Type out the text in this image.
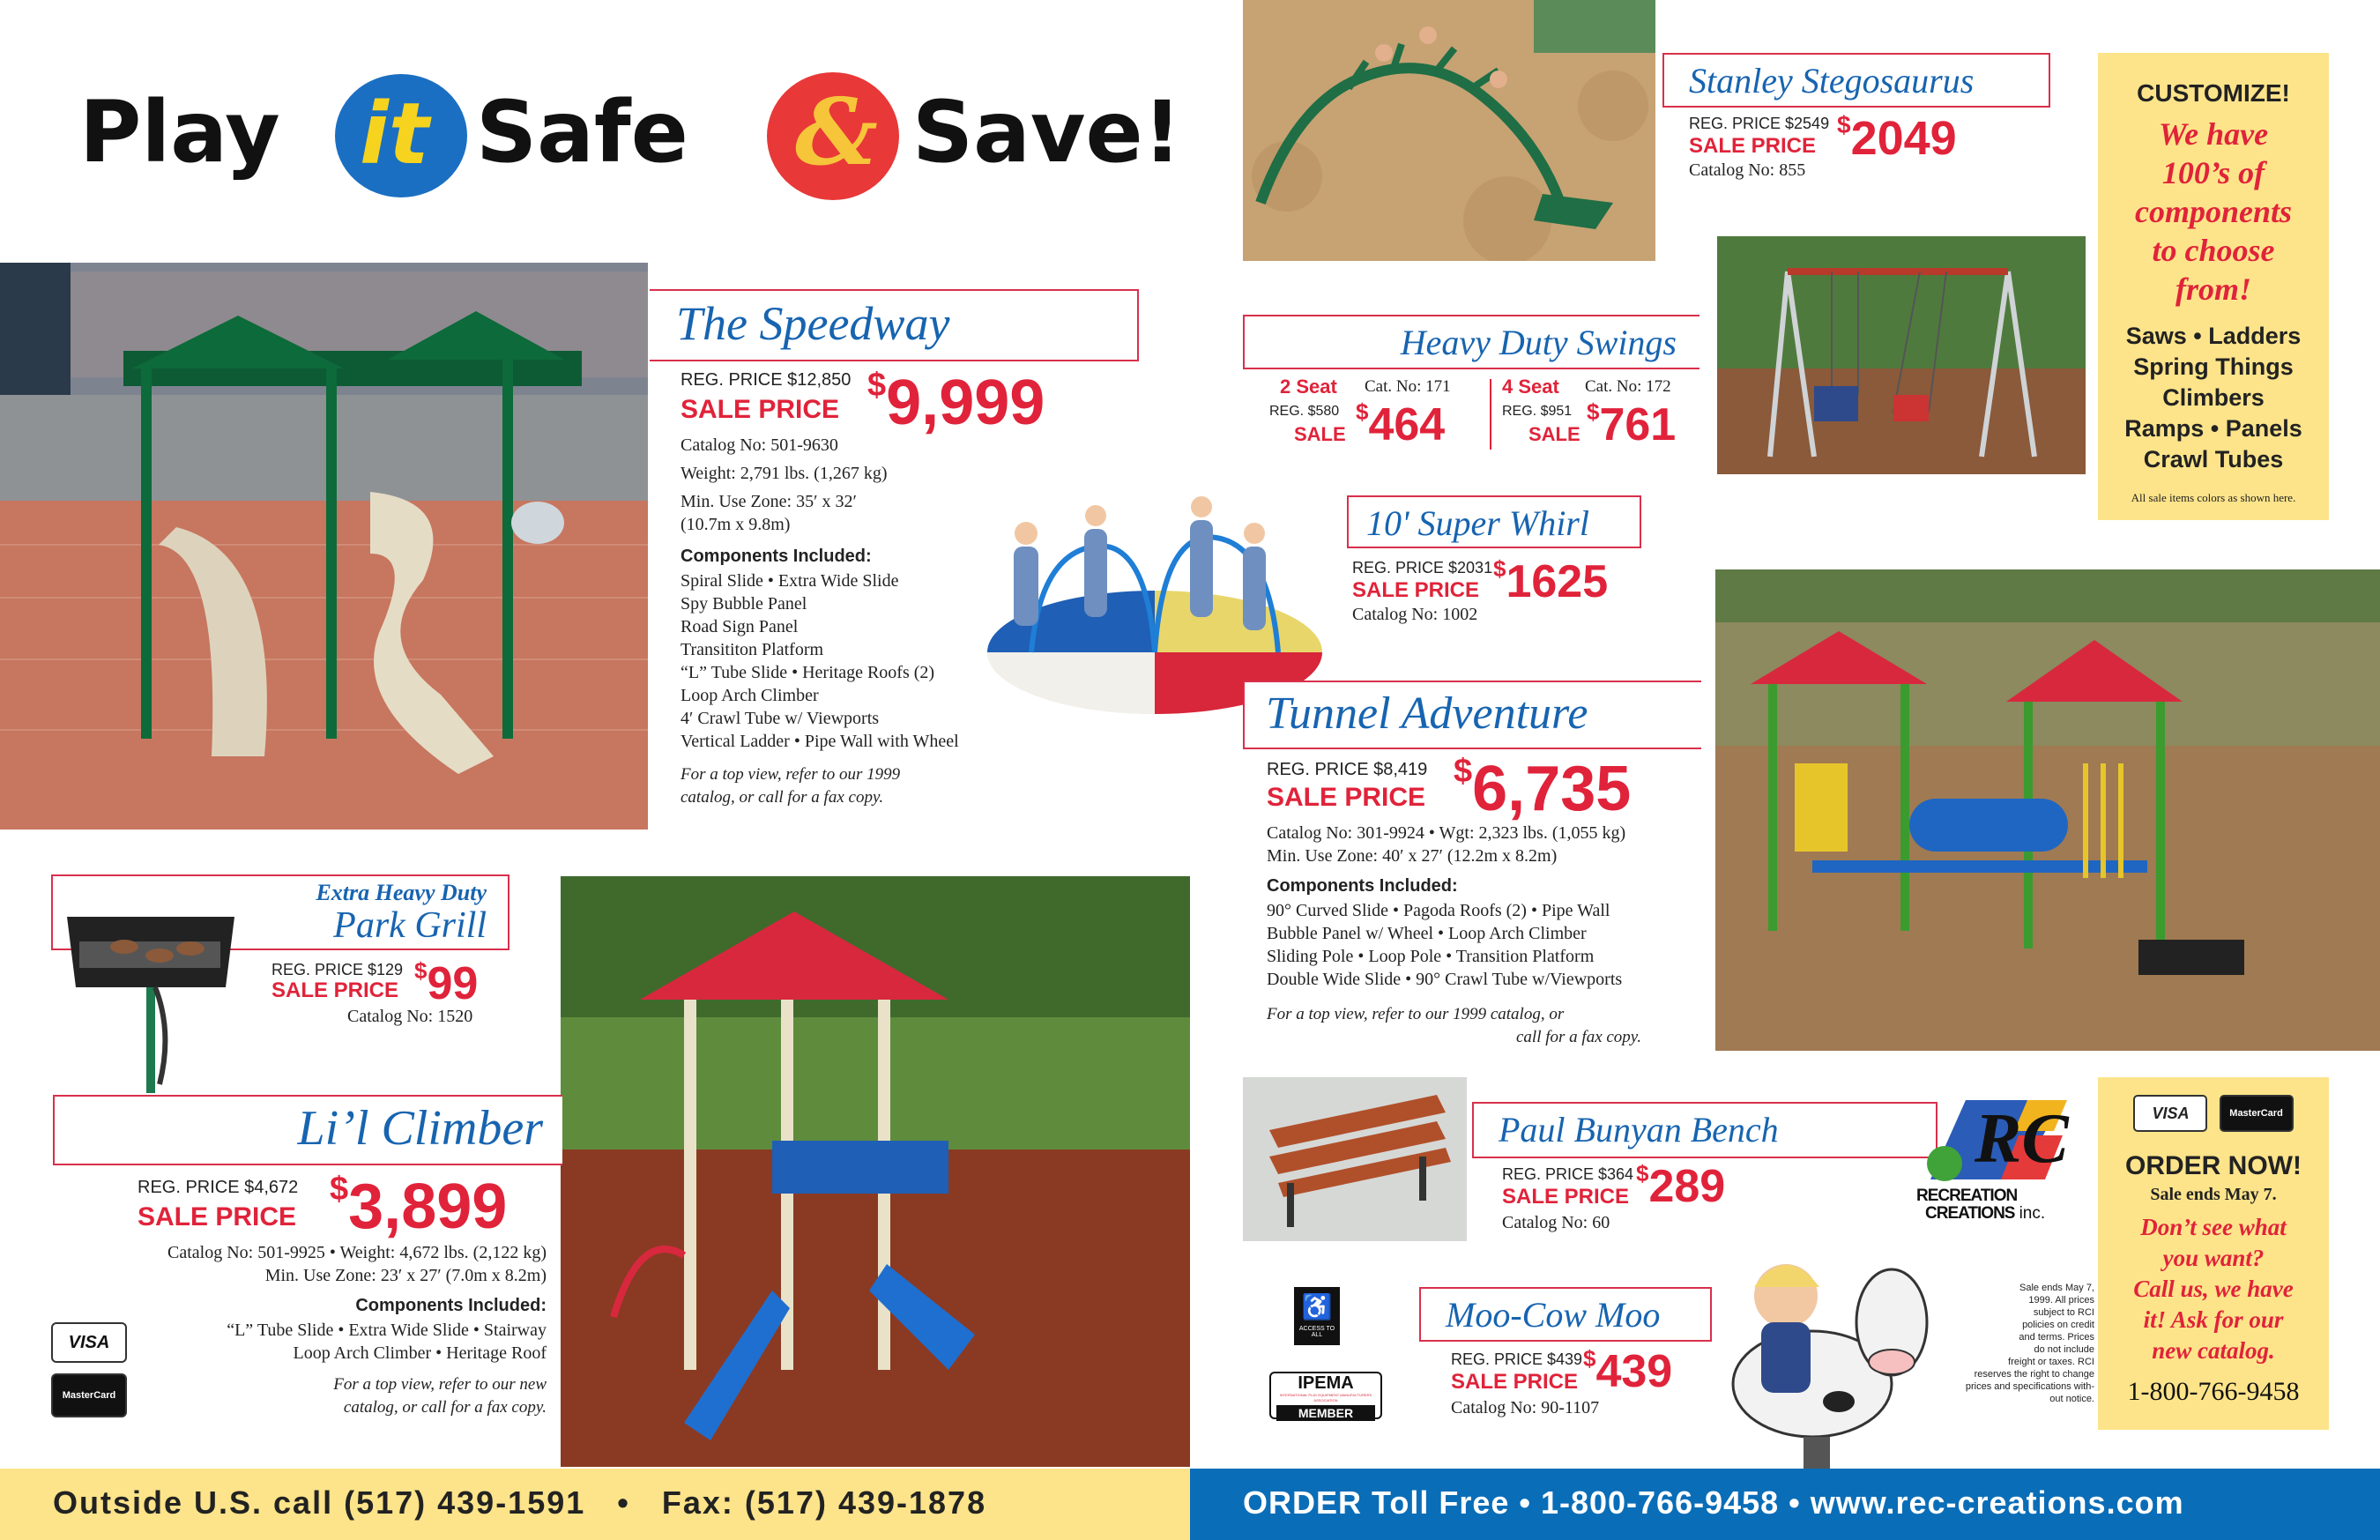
Play it Safe & Save!
The Speedway
REG. PRICE $12,850
SALE PRICE
$9,999
Catalog No: 501-9630
Weight: 2,791 lbs. (1,267 kg)
Min. Use Zone: 35′ x 32′
(10.7m x 9.8m)
Components Included:
Spiral Slide • Extra Wide Slide
Spy Bubble Panel
Road Sign Panel
Transititon Platform
“L” Tube Slide • Heritage Roofs (2)
Loop Arch Climber
4′ Crawl Tube w/ Viewports
Vertical Ladder • Pipe Wall with Wheel
For a top view, refer to our 1999
catalog, or call for a fax copy.
Stanley Stegosaurus
REG. PRICE $2549
SALE PRICE
$2049
Catalog No: 855
Heavy Duty Swings
2 Seat Cat. No: 171
REG. $580
SALE
$464
4 Seat Cat. No: 172
REG. $951
SALE
$761
10' Super Whirl
REG. PRICE $2031
SALE PRICE
$1625
Catalog No: 1002
CUSTOMIZE!
We have
100’s of
components
to choose
from!
Saws • Ladders
Spring Things
Climbers
Ramps • Panels
Crawl Tubes
All sale items colors as shown here.
Tunnel Adventure
REG. PRICE $8,419
SALE PRICE
$6,735
Catalog No: 301-9924 • Wgt: 2,323 lbs. (1,055 kg)
Min. Use Zone: 40′ x 27′ (12.2m x 8.2m)
Components Included:
90° Curved Slide • Pagoda Roofs (2) • Pipe Wall
Bubble Panel w/ Wheel • Loop Arch Climber
Sliding Pole • Loop Pole • Transition Platform
Double Wide Slide • 90° Crawl Tube w/Viewports
For a top view, refer to our 1999 catalog, or
call for a fax copy.
Extra Heavy Duty
Park Grill
REG. PRICE $129
SALE PRICE
$99
Catalog No: 1520
Li’l Climber
REG. PRICE $4,672
SALE PRICE
$3,899
Catalog No: 501-9925 • Weight: 4,672 lbs. (2,122 kg)
Min. Use Zone: 23′ x 27′ (7.0m x 8.2m)
Components Included:
“L” Tube Slide • Extra Wide Slide • Stairway
Loop Arch Climber • Heritage Roof
For a top view, refer to our new
catalog, or call for a fax copy.
VISA
MasterCard
Paul Bunyan Bench
REG. PRICE $364
SALE PRICE
$289
Catalog No: 60
RC
RECREATION
CREATIONS inc.
♿
ACCESS TO ALL
IPEMA
INTERNATIONAL PLAY EQUIPMENT MANUFACTURERS ASSOCIATION
MEMBER
Moo-Cow Moo
REG. PRICE $439
SALE PRICE
$439
Catalog No: 90-1107
Sale ends May 7,
1999. All prices
subject to RCI
policies on credit
and terms. Prices
do not include
freight or taxes. RCI
reserves the right to change
prices and specifications with-
out notice.
VISA	MasterCard
ORDER NOW!
Sale ends May 7.
Don’t see what
you want?
Call us, we have
it! Ask for our
new catalog.
1-800-766-9458
Outside U.S. call (517) 439-1591   •   Fax: (517) 439-1878	ORDER Toll Free • 1-800-766-9458 • www.rec-creations.com
